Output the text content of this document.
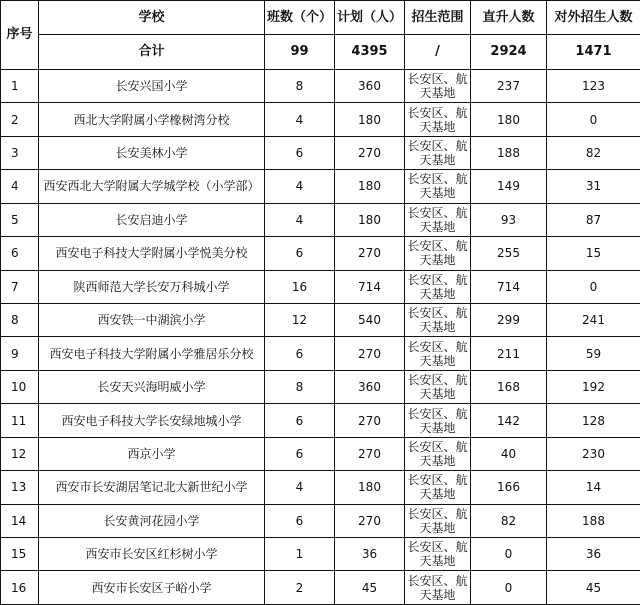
序号	学校	班数（个）	计划（人）	招生范围	直升人数	对外招生人数
	合计	99	4395	/	2924	1471
1	长安兴国小学	8	360	长安区、航天基地	237	123
2	西北大学附属小学橡树湾分校	4	180	长安区、航天基地	180	0
3	长安美林小学	6	270	长安区、航天基地	188	82
4	西安西北大学附属大学城学校（小学部）	4	180	长安区、航天基地	149	31
5	长安启迪小学	4	180	长安区、航天基地	93	87
6	西安电子科技大学附属小学悦美分校	6	270	长安区、航天基地	255	15
7	陕西师范大学长安万科城小学	16	714	长安区、航天基地	714	0
8	西安铁一中湖滨小学	12	540	长安区、航天基地	299	241
9	西安电子科技大学附属小学雅居乐分校	6	270	长安区、航天基地	211	59
10	长安天兴海明威小学	8	360	长安区、航天基地	168	192
11	西安电子科技大学长安绿地城小学	6	270	长安区、航天基地	142	128
12	西京小学	6	270	长安区、航天基地	40	230
13	西安市长安湖居笔记北大新世纪小学	4	180	长安区、航天基地	166	14
14	长安黄河花园小学	6	270	长安区、航天基地	82	188
15	西安市长安区红杉树小学	1	36	长安区、航天基地	0	36
16	西安市长安区子峪小学	2	45	长安区、航天基地	0	45
